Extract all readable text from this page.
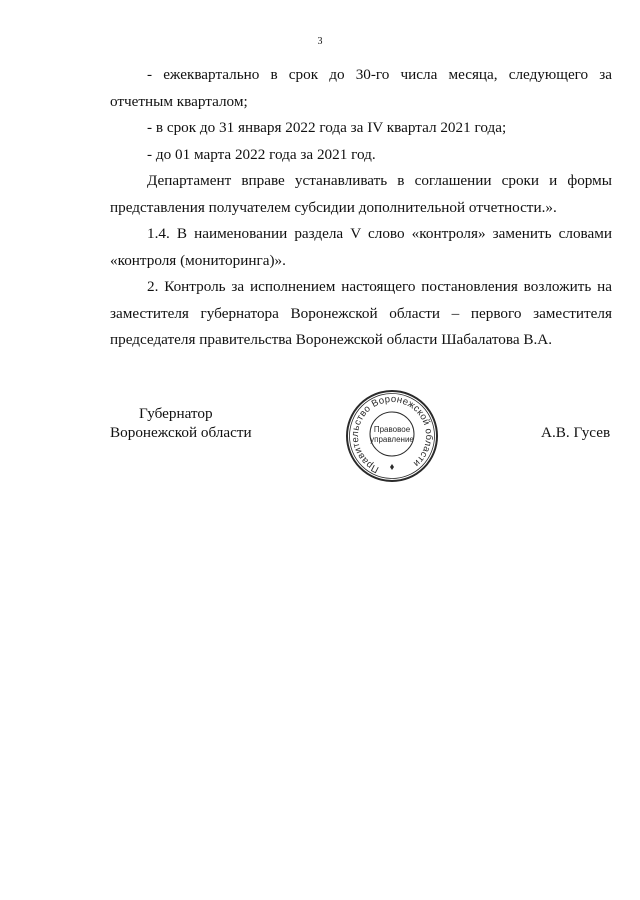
3

- ежеквартально в срок до 30-го числа месяца, следующего за отчетным кварталом;

- в срок до 31 января 2022 года за IV квартал 2021 года;

- до 01 марта 2022 года за 2021 год.

Департамент вправе устанавливать в соглашении сроки и формы представления получателем субсидии дополнительной отчетности.».

1.4. В наименовании раздела V слово «контроля» заменить словами «контроля (мониторинга)».

2. Контроль за исполнением настоящего постановления возложить на заместителя губернатора Воронежской области – первого заместителя председателя правительства Воронежской области Шабалатова В.А.

Губернатор
Воронежской области
Правительство Воронежской области
Правовое
управление	А.В. Гусев
